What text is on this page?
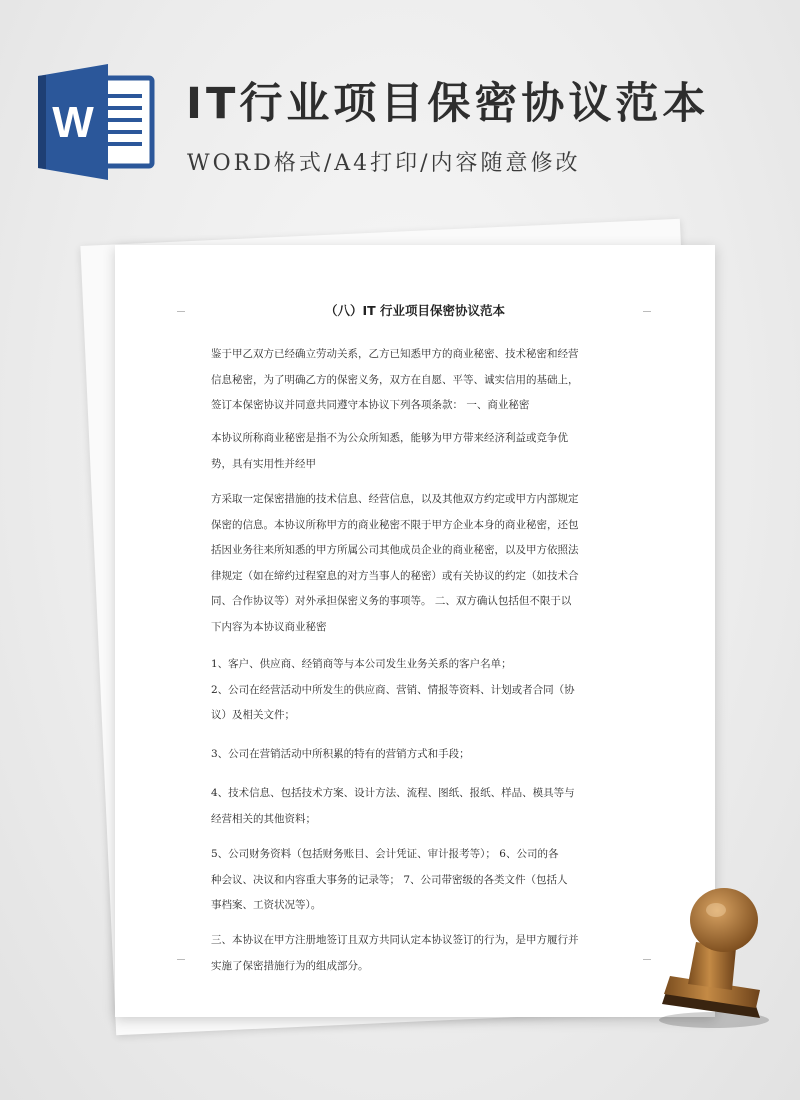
W IT行业项目保密协议范本
WORD格式/A4打印/内容随意修改
（八）IT 行业项目保密协议范本

鉴于甲乙双方已经确立劳动关系，乙方已知悉甲方的商业秘密、技术秘密和经营
信息秘密，为了明确乙方的保密义务，双方在自愿、平等、诚实信用的基础上，
签订本保密协议并同意共同遵守本协议下列各项条款： 一、商业秘密

本协议所称商业秘密是指不为公众所知悉，能够为甲方带来经济利益或竞争优
势，具有实用性并经甲

方采取一定保密措施的技术信息、经营信息，以及其他双方约定或甲方内部规定
保密的信息。本协议所称甲方的商业秘密不限于甲方企业本身的商业秘密，还包
括因业务往来所知悉的甲方所属公司其他成员企业的商业秘密，以及甲方依照法
律规定（如在缔约过程窒息的对方当事人的秘密）或有关协议的约定（如技术合
同、合作协议等）对外承担保密义务的事项等。 二、双方确认包括但不限于以
下内容为本协议商业秘密

1、客户、供应商、经销商等与本公司发生业务关系的客户名单；
2、公司在经营活动中所发生的供应商、营销、情报等资料、计划或者合同（协
议）及相关文件；

3、公司在营销活动中所积累的特有的营销方式和手段；

4、技术信息、包括技术方案、设计方法、流程、图纸、报纸、样品、模具等与
经营相关的其他资料；

5、公司财务资料（包括财务账目、会计凭证、审计报考等）； 6、公司的各
种会议、决议和内容重大事务的记录等； 7、公司带密级的各类文件（包括人
事档案、工资状况等）。

三、本协议在甲方注册地签订且双方共同认定本协议签订的行为，是甲方履行并
实施了保密措施行为的组成部分。
